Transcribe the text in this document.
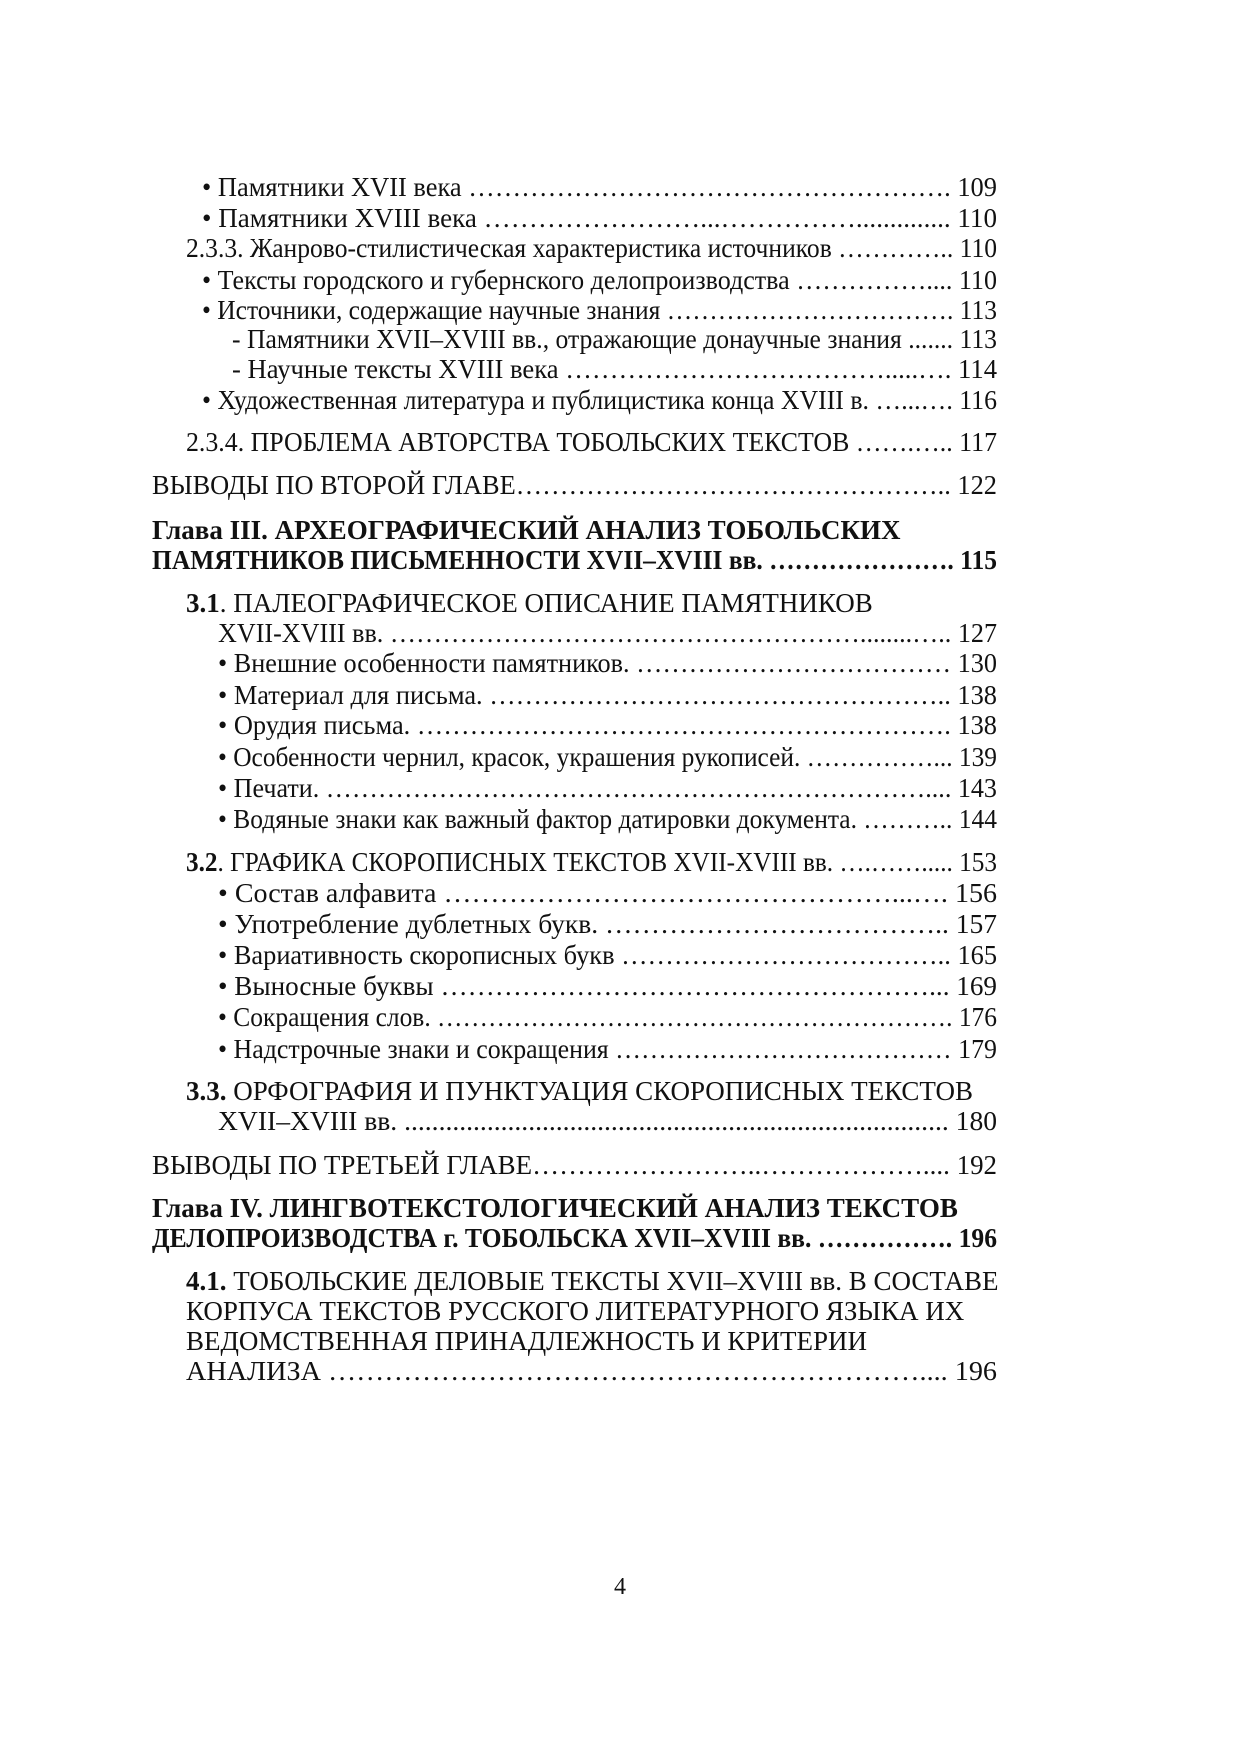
• Памятники XVII века ………………………………………………. 109
• Памятники XVIII века ……………………...…………….............. 110
2.3.3. Жанрово-стилистическая характеристика источников ………….. 110
• Тексты городского и губернского делопроизводства …………….... 110
• Источники, содержащие научные знания ……………………………. 113
- Памятники XVII–XVIII вв., отражающие донаучные знания ....... 113
- Научные тексты XVIII века ……………………………….....…. 114
• Художественная литература и публицистика конца XVIII в. …...…. 116
2.3.4. ПРОБЛЕМА АВТОРСТВА ТОБОЛЬСКИХ ТЕКСТОВ …….….. 117
ВЫВОДЫ ПО ВТОРОЙ ГЛАВЕ………………………………………….. 122
Глава III. АРХЕОГРАФИЧЕСКИЙ АНАЛИЗ ТОБОЛЬСКИХ
ПАМЯТНИКОВ ПИСЬМЕННОСТИ XVII–XVIII вв. …………………. 115
3.1. ПАЛЕОГРАФИЧЕСКОЕ ОПИСАНИЕ ПАМЯТНИКОВ
XVII-XVIII вв. ………………………………………………........….. 127
• Внешние особенности памятников. ……………………………… 130
• Материал для письма. …………………………………………….. 138
• Орудия письма. ……………………………………………………. 138
• Особенности чернил, красок, украшения рукописей. ……………... 139
• Печати. …………………………………………………………….... 143
• Водяные знаки как важный фактор датировки документа. ……….. 144
3.2. ГРАФИКА СКОРОПИСНЫХ ТЕКСТОВ XVII-XVIII вв. ….……..... 153
• Состав алфавита …………………………………………...…. 156
• Употребление дублетных букв. ……………………………….. 157
• Вариативность скорописных букв ……………………………….. 165
• Выносные буквы ………………………………………………... 169
• Сокращения слов. ……………………………………………………. 176
• Надстрочные знаки и сокращения ………………………………… 179
3.3. ОРФОГРАФИЯ И ПУНКТУАЦИЯ СКОРОПИСНЫХ ТЕКСТОВ
XVII–XVIII вв. ............................................................................... 180
ВЫВОДЫ ПО ТРЕТЬЕЙ ГЛАВЕ……………………..……………….... 192
Глава IV. ЛИНГВОТЕКСТОЛОГИЧЕСКИЙ АНАЛИЗ ТЕКСТОВ
ДЕЛОПРОИЗВОДСТВА г. ТОБОЛЬСКА XVII–XVIII вв. ……………. 196
4.1. ТОБОЛЬСКИЕ ДЕЛОВЫЕ ТЕКСТЫ XVII–XVIII вв. В СОСТАВЕ
КОРПУСА ТЕКСТОВ РУССКОГО ЛИТЕРАТУРНОГО ЯЗЫКА ИХ
ВЕДОМСТВЕННАЯ ПРИНАДЛЕЖНОСТЬ И КРИТЕРИИ
АНАЛИЗА ……………………………………………………….... 196
4
